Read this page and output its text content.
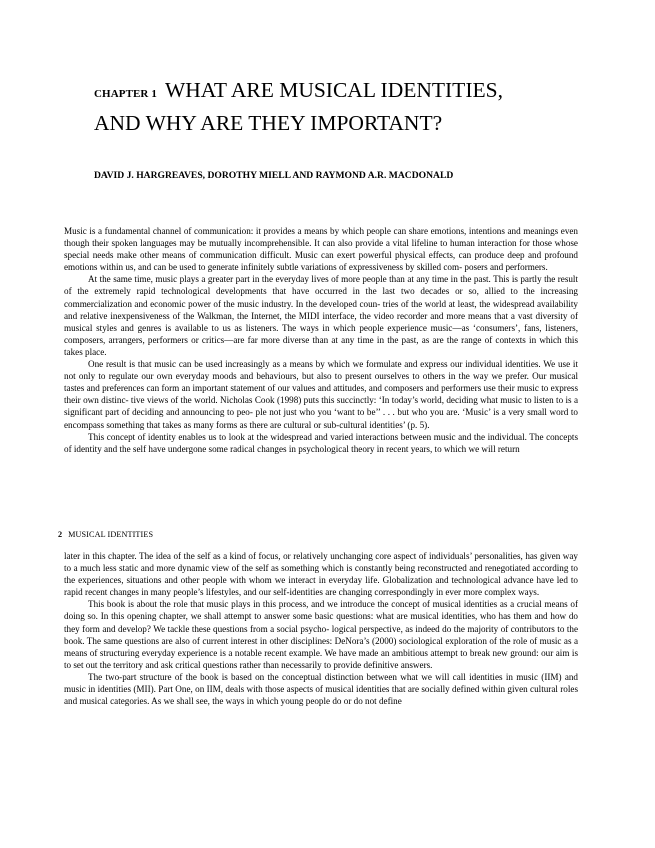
CHAPTER 1 WHAT ARE MUSICAL IDENTITIES,
AND WHY ARE THEY IMPORTANT?
DAVID J. HARGREAVES, DOROTHY MIELL AND RAYMOND A.R. MACDONALD

Music is a fundamental channel of communication: it provides a means by which people can share emotions, intentions and meanings even though their spoken languages may be mutually incomprehensible. It can also provide a vital lifeline to human interaction for those whose special needs make other means of communication difficult. Music can exert powerful physical effects, can produce deep and profound emotions within us, and can be used to generate infinitely subtle variations of expressiveness by skilled com- posers and performers.

At the same time, music plays a greater part in the everyday lives of more people than at any time in the past. This is partly the result of the extremely rapid technological developments that have occurred in the last two decades or so, allied to the increasing commercialization and economic power of the music industry. In the developed coun- tries of the world at least, the widespread availability and relative inexpensiveness of the Walkman, the Internet, the MIDI interface, the video recorder and more means that a vast diversity of musical styles and genres is available to us as listeners. The ways in which people experience music—as ‘consumers’, fans, listeners, composers, arrangers, performers or critics—are far more diverse than at any time in the past, as are the range of contexts in which this takes place.

One result is that music can be used increasingly as a means by which we formulate and express our individual identities. We use it not only to regulate our own everyday moods and behaviours, but also to present ourselves to others in the way we prefer. Our musical tastes and preferences can form an important statement of our values and attitudes, and composers and performers use their music to express their own distinc- tive views of the world. Nicholas Cook (1998) puts this succinctly: ‘In today’s world, deciding what music to listen to is a significant part of deciding and announcing to peo- ple not just who you ‘want to be’’ . . . but who you are. ‘Music’ is a very small word to encompass something that takes as many forms as there are cultural or sub-cultural identities’ (p. 5).

This concept of identity enables us to look at the widespread and varied interactions between music and the individual. The concepts of identity and the self have undergone some radical changes in psychological theory in recent years, to which we will return

2 MUSICAL IDENTITIES

later in this chapter. The idea of the self as a kind of focus, or relatively unchanging core aspect of individuals’ personalities, has given way to a much less static and more dynamic view of the self as something which is constantly being reconstructed and renegotiated according to the experiences, situations and other people with whom we interact in everyday life. Globalization and technological advance have led to rapid recent changes in many people’s lifestyles, and our self-identities are changing correspondingly in ever more complex ways.

This book is about the role that music plays in this process, and we introduce the concept of musical identities as a crucial means of doing so. In this opening chapter, we shall attempt to answer some basic questions: what are musical identities, who has them and how do they form and develop? We tackle these questions from a social psycho- logical perspective, as indeed do the majority of contributors to the book. The same questions are also of current interest in other disciplines: DeNora’s (2000) sociological exploration of the role of music as a means of structuring everyday experience is a notable recent example. We have made an ambitious attempt to break new ground: our aim is to set out the territory and ask critical questions rather than necessarily to provide definitive answers.

The two-part structure of the book is based on the conceptual distinction between what we will call identities in music (IIM) and music in identities (MII). Part One, on IIM, deals with those aspects of musical identities that are socially defined within given cultural roles and musical categories. As we shall see, the ways in which young people do or do not define
